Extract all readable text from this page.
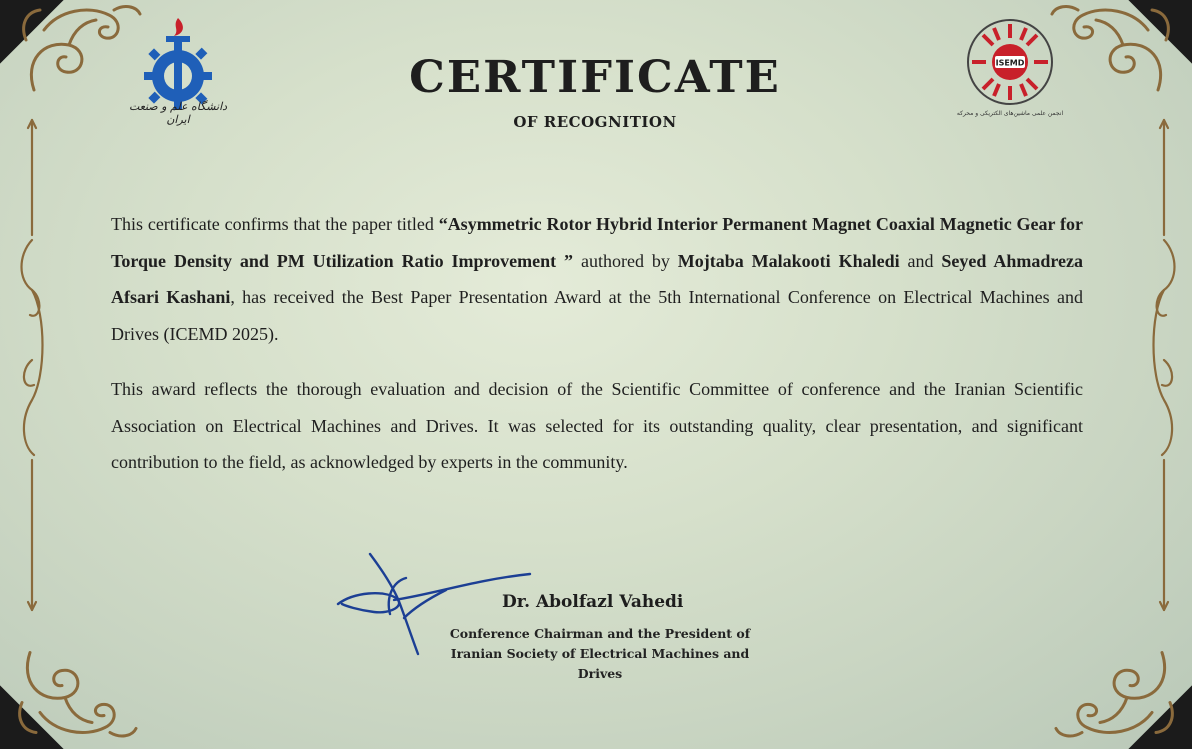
دانشگاه علم و صنعت ایران
ISEMD
انجمن علمی ماشین‌های الکتریکی و محرکه
CERTIFICATE
OF RECOGNITION
This certificate confirms that the paper titled “Asymmetric Rotor Hybrid Interior Permanent Magnet Coaxial Magnetic Gear for Torque Density and PM Utilization Ratio Improvement ” authored by Mojtaba Malakooti Khaledi and Seyed Ahmadreza Afsari Kashani, has received the Best Paper Presentation Award at the 5th International Conference on Electrical Machines and Drives (ICEMD 2025).
This award reflects the thorough evaluation and decision of the Scientific Committee of conference and the Iranian Scientific Association on Electrical Machines and Drives. It was selected for its outstanding quality, clear presentation, and significant contribution to the field, as acknowledged by experts in the community.
Dr. Abolfazl Vahedi
Conference Chairman and the President of
Iranian Society of Electrical Machines and Drives
